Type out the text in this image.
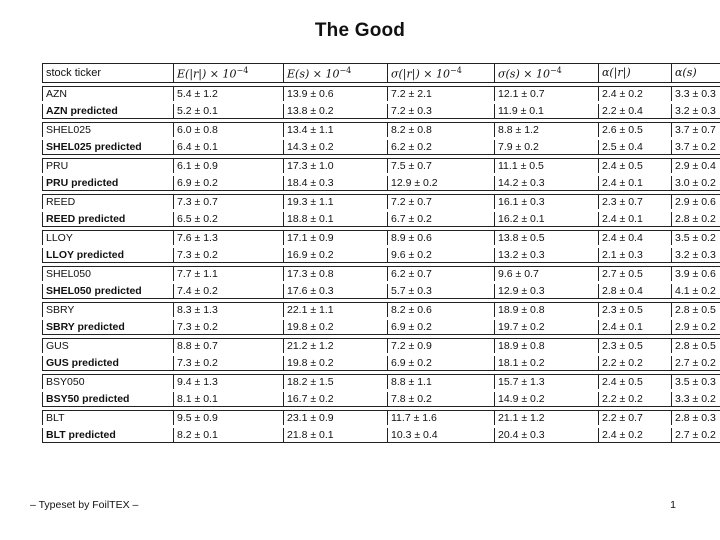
The Good
stock ticker	$E(|r|) \times 10^{-4}$	$E(s) \times 10^{-4}$	$\sigma(|r|) \times 10^{-4}$	$\sigma(s) \times 10^{-4}$	α(|r|)	α(s)
AZN	5.4 ± 1.2	13.9 ± 0.6	7.2 ± 2.1	12.1 ± 0.7	2.4 ± 0.2	3.3 ± 0.3
AZN predicted	5.2 ± 0.1	13.8 ± 0.2	7.2 ± 0.3	11.9 ± 0.1	2.2 ± 0.4	3.2 ± 0.3
SHEL025	6.0 ± 0.8	13.4 ± 1.1	8.2 ± 0.8	8.8 ± 1.2	2.6 ± 0.5	3.7 ± 0.7
SHEL025 predicted	6.4 ± 0.1	14.3 ± 0.2	6.2 ± 0.2	7.9 ± 0.2	2.5 ± 0.4	3.7 ± 0.2
PRU	6.1 ± 0.9	17.3 ± 1.0	7.5 ± 0.7	11.1 ± 0.5	2.4 ± 0.5	2.9 ± 0.4
PRU predicted	6.9 ± 0.2	18.4 ± 0.3	12.9 ± 0.2	14.2 ± 0.3	2.4 ± 0.1	3.0 ± 0.2
REED	7.3 ± 0.7	19.3 ± 1.1	7.2 ± 0.7	16.1 ± 0.3	2.3 ± 0.7	2.9 ± 0.6
REED predicted	6.5 ± 0.2	18.8 ± 0.1	6.7 ± 0.2	16.2 ± 0.1	2.4 ± 0.1	2.8 ± 0.2
LLOY	7.6 ± 1.3	17.1 ± 0.9	8.9 ± 0.6	13.8 ± 0.5	2.4 ± 0.4	3.5 ± 0.2
LLOY predicted	7.3 ± 0.2	16.9 ± 0.2	9.6 ± 0.2	13.2 ± 0.3	2.1 ± 0.3	3.2 ± 0.3
SHEL050	7.7 ± 1.1	17.3 ± 0.8	6.2 ± 0.7	9.6 ± 0.7	2.7 ± 0.5	3.9 ± 0.6
SHEL050 predicted	7.4 ± 0.2	17.6 ± 0.3	5.7 ± 0.3	12.9 ± 0.3	2.8 ± 0.4	4.1 ± 0.2
SBRY	8.3 ± 1.3	22.1 ± 1.1	8.2 ± 0.6	18.9 ± 0.8	2.3 ± 0.5	2.8 ± 0.5
SBRY predicted	7.3 ± 0.2	19.8 ± 0.2	6.9 ± 0.2	19.7 ± 0.2	2.4 ± 0.1	2.9 ± 0.2
GUS	8.8 ± 0.7	21.2 ± 1.2	7.2 ± 0.9	18.9 ± 0.8	2.3 ± 0.5	2.8 ± 0.5
GUS predicted	7.3 ± 0.2	19.8 ± 0.2	6.9 ± 0.2	18.1 ± 0.2	2.2 ± 0.2	2.7 ± 0.2
BSY050	9.4 ± 1.3	18.2 ± 1.5	8.8 ± 1.1	15.7 ± 1.3	2.4 ± 0.5	3.5 ± 0.3
BSY50 predicted	8.1 ± 0.1	16.7 ± 0.2	7.8 ± 0.2	14.9 ± 0.2	2.2 ± 0.2	3.3 ± 0.2
BLT	9.5 ± 0.9	23.1 ± 0.9	11.7 ± 1.6	21.1 ± 1.2	2.2 ± 0.7	2.8 ± 0.3
BLT predicted	8.2 ± 0.1	21.8 ± 0.1	10.3 ± 0.4	20.4 ± 0.3	2.4 ± 0.2	2.7 ± 0.2
– Typeset by FoilTEX –	1
